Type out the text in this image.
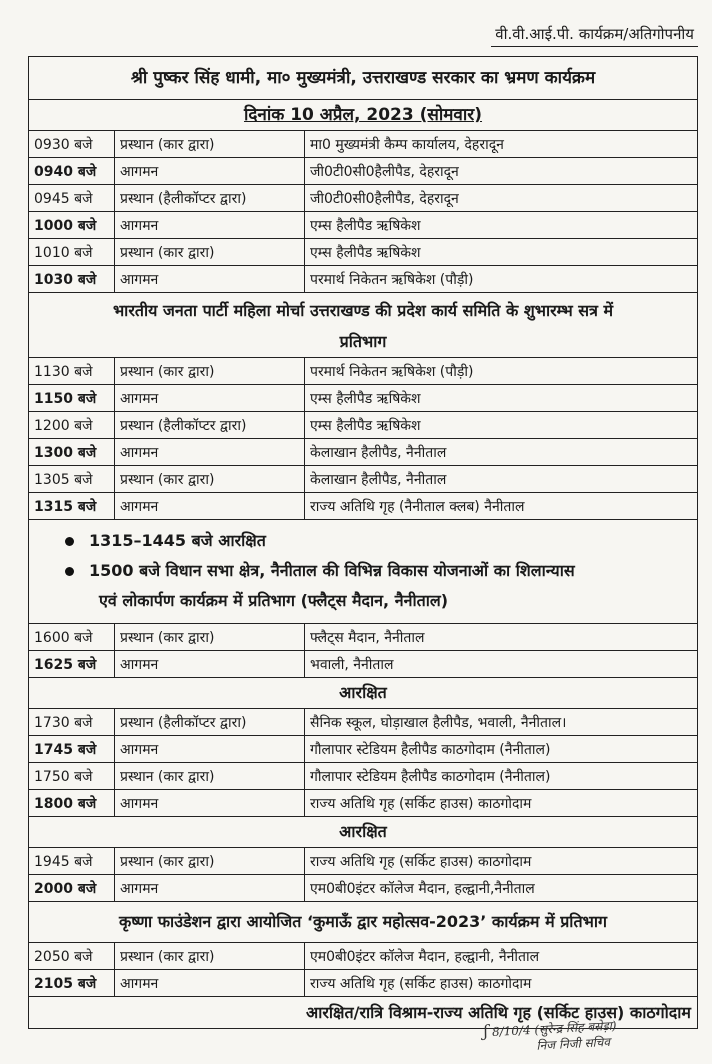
वी.वी.आई.पी. कार्यक्रम/अतिगोपनीय
श्री पुष्कर सिंह धामी, मा० मुख्यमंत्री, उत्तराखण्ड सरकार का भ्रमण कार्यक्रम
दिनांक 10 अप्रैल, 2023 (सोमवार)
0930 बजे	प्रस्थान (कार द्वारा)	मा0 मुख्यमंत्री कैम्प कार्यालय, देहरादून
0940 बजे	आगमन	जी0टी0सी0हैलीपैड, देहरादून
0945 बजे	प्रस्थान (हैलीकॉप्टर द्वारा)	जी0टी0सी0हैलीपैड, देहरादून
1000 बजे	आगमन	एम्स हैलीपैड ऋषिकेश
1010 बजे	प्रस्थान (कार द्वारा)	एम्स हैलीपैड ऋषिकेश
1030 बजे	आगमन	परमार्थ निकेतन ऋषिकेश (पौड़ी)
भारतीय जनता पार्टी महिला मोर्चा उत्तराखण्ड की प्रदेश कार्य समिति के शुभारम्भ सत्र में
प्रतिभाग
1130 बजे	प्रस्थान (कार द्वारा)	परमार्थ निकेतन ऋषिकेश (पौड़ी)
1150 बजे	आगमन	एम्स हैलीपैड ऋषिकेश
1200 बजे	प्रस्थान (हैलीकॉप्टर द्वारा)	एम्स हैलीपैड ऋषिकेश
1300 बजे	आगमन	केलाखान हैलीपैड, नैनीताल
1305 बजे	प्रस्थान (कार द्वारा)	केलाखान हैलीपैड, नैनीताल
1315 बजे	आगमन	राज्य अतिथि गृह (नैनीताल क्लब) नैनीताल
1315–1445 बजे आरक्षित
1500 बजे विधान सभा क्षेत्र, नैनीताल की विभिन्न विकास योजनाओं का शिलान्यास
एवं लोकार्पण कार्यक्रम में प्रतिभाग (फ्लैट्स मैदान, नैनीताल)
1600 बजे	प्रस्थान (कार द्वारा)	फ्लैट्स मैदान, नैनीताल
1625 बजे	आगमन	भवाली, नैनीताल
आरक्षित
1730 बजे	प्रस्थान (हैलीकॉप्टर द्वारा)	सैनिक स्कूल, घोड़ाखाल हैलीपैड, भवाली, नैनीताल।
1745 बजे	आगमन	गौलापार स्टेडियम हैलीपैड काठगोदाम (नैनीताल)
1750 बजे	प्रस्थान (कार द्वारा)	गौलापार स्टेडियम हैलीपैड काठगोदाम (नैनीताल)
1800 बजे	आगमन	राज्य अतिथि गृह (सर्किट हाउस) काठगोदाम
आरक्षित
1945 बजे	प्रस्थान (कार द्वारा)	राज्य अतिथि गृह (सर्किट हाउस) काठगोदाम
2000 बजे	आगमन	एम0बी0इंटर कॉलेज मैदान, हल्द्वानी,नैनीताल
कृष्णा फाउंडेशन द्वारा आयोजित ‘कुमाऊँ द्वार महोत्सव-2023’ कार्यक्रम में प्रतिभाग
2050 बजे	प्रस्थान (कार द्वारा)	एम0बी0इंटर कॉलेज मैदान, हल्द्वानी, नैनीताल
2105 बजे	आगमन	राज्य अतिथि गृह (सर्किट हाउस) काठगोदाम
आरक्षित/रात्रि विश्राम-राज्य अतिथि गृह (सर्किट हाउस) काठगोदाम
ʃ 8/10/4 (सुरेन्द्र सिंह बसेड़ा)
निज निजी सचिव
